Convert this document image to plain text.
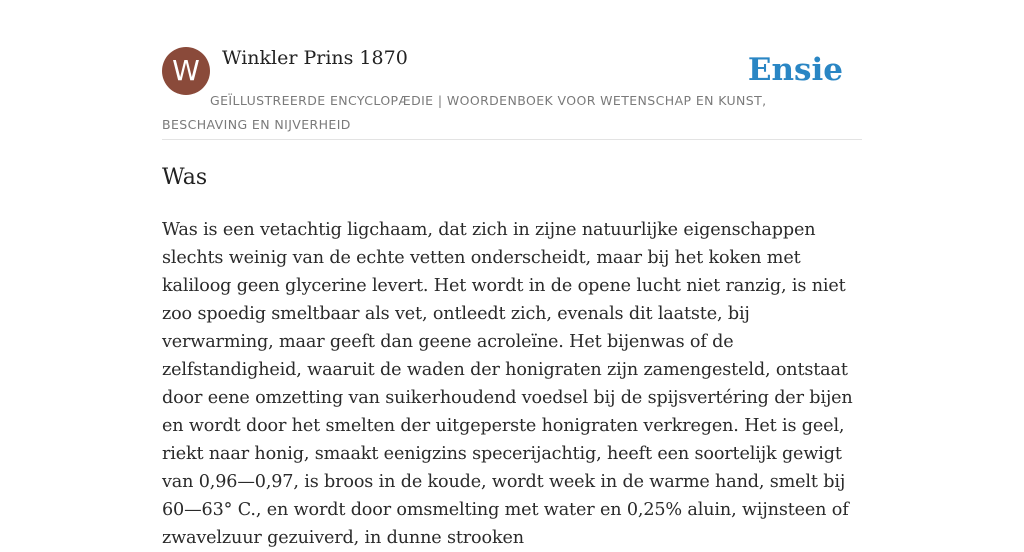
W	Winkler Prins 1870	Ensie
GEÏLLUSTREERDE ENCYCLOPÆDIE | WOORDENBOEK VOOR WETENSCHAP EN KUNST, BESCHAVING EN NIJVERHEID
Was

Was is een vetachtig ligchaam, dat zich in zijne natuurlijke eigenschappen slechts weinig van de echte vetten onderscheidt, maar bij het koken met kaliloog geen glycerine levert. Het wordt in de opene lucht niet ranzig, is niet zoo spoedig smeltbaar als vet, ontleedt zich, evenals dit laatste, bij verwarming, maar geeft dan geene acroleïne. Het bijenwas of de zelfstandigheid, waaruit de waden der honigraten zijn zamengesteld, ontstaat door eene omzetting van suikerhoudend voedsel bij de spijsvertéring der bijen en wordt door het smelten der uitgeperste honigraten verkregen. Het is geel, riekt naar honig, smaakt eenigzins specerijachtig, heeft een soortelijk gewigt van 0,96—0,97, is broos in de koude, wordt week in de warme hand, smelt bij 60—63° C., en wordt door omsmelting met water en 0,25% aluin, wijnsteen of zwavelzuur gezuiverd, in dunne strooken
